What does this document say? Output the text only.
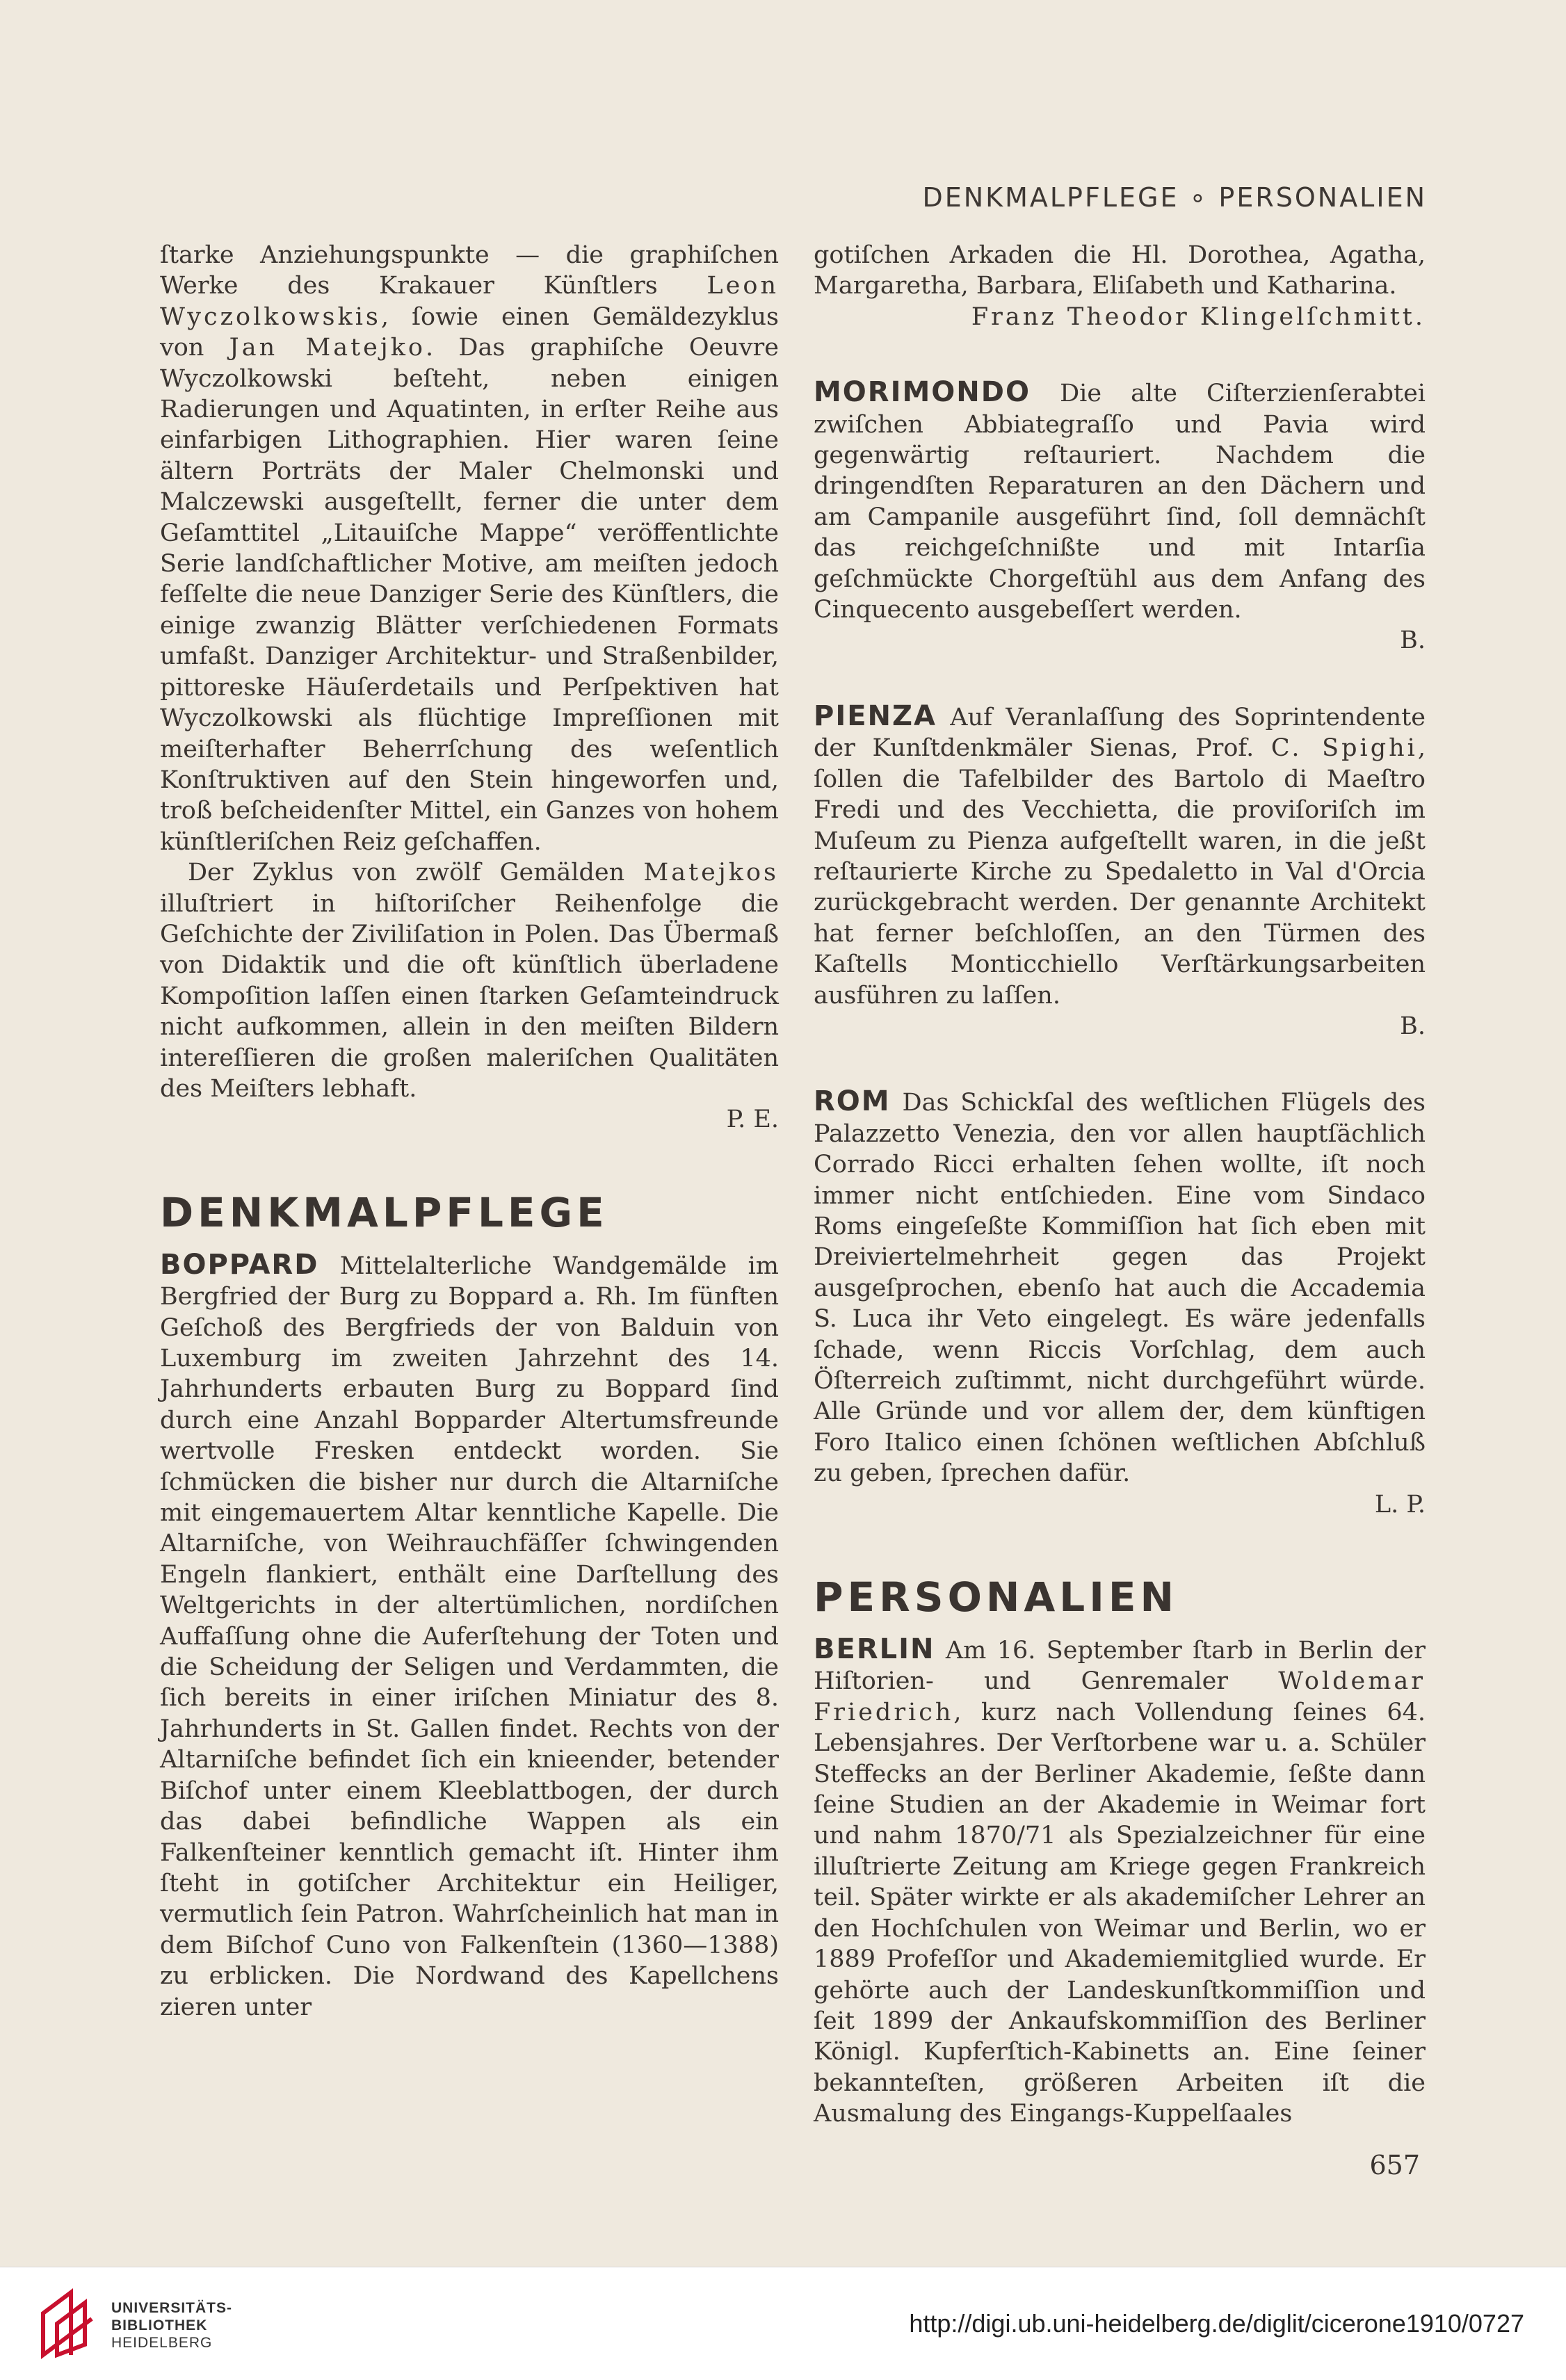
DENKMALPFLEGE ∘ PERSONALIEN

ſtarke Anziehungspunkte — die graphiſchen Werke des Krakauer Künſtlers Leon Wyczolkowskis, ſowie einen Gemäldezyklus von Jan Matejko. Das graphiſche Oeuvre Wyczolkowski beſteht, neben einigen Radierungen und Aquatinten, in erſter Reihe aus einfarbigen Lithographien. Hier waren ſeine ältern Porträts der Maler Chelmonski und Malczewski ausgeſtellt, ferner die unter dem Geſamttitel „Litauiſche Mappe“ veröffentlichte Serie landſchaftlicher Motive, am meiſten jedoch feſſelte die neue Danziger Serie des Künſtlers, die einige zwanzig Blätter verſchiedenen Formats umfaßt. Danziger Architektur- und Straßenbilder, pittoreske Häuſerdetails und Perſpektiven hat Wyczolkowski als flüchtige Impreſſionen mit meiſterhafter Beherrſchung des weſentlich Konſtruktiven auf den Stein hingeworfen und, troß beſcheidenſter Mittel, ein Ganzes von hohem künſtleriſchen Reiz geſchaffen.

Der Zyklus von zwölf Gemälden Matejkos illuſtriert in hiſtoriſcher Reihenfolge die Geſchichte der Ziviliſation in Polen. Das Übermaß von Didaktik und die oft künſtlich überladene Kompoſition laſſen einen ſtarken Geſamteindruck nicht aufkommen, allein in den meiſten Bildern intereſſieren die großen maleriſchen Qualitäten des Meiſters lebhaft.

P. E.

DENKMALPFLEGE

BOPPARD Mittelalterliche Wandgemälde im Bergfried der Burg zu Boppard a. Rh. Im fünften Geſchoß des Bergfrieds der von Balduin von Luxemburg im zweiten Jahrzehnt des 14. Jahrhunderts erbauten Burg zu Boppard ſind durch eine Anzahl Bopparder Altertumsfreunde wertvolle Fresken entdeckt worden. Sie ſchmücken die bisher nur durch die Altarniſche mit eingemauertem Altar kenntliche Kapelle. Die Altarniſche, von Weihrauchfäſſer ſchwingenden Engeln flankiert, enthält eine Darſtellung des Weltgerichts in der altertümlichen, nordiſchen Auffaſſung ohne die Auferſtehung der Toten und die Scheidung der Seligen und Verdammten, die ſich bereits in einer iriſchen Miniatur des 8. Jahrhunderts in St. Gallen findet. Rechts von der Altarniſche befindet ſich ein knieender, betender Biſchof unter einem Kleeblattbogen, der durch das dabei befindliche Wappen als ein Falkenſteiner kenntlich gemacht iſt. Hinter ihm ſteht in gotiſcher Architektur ein Heiliger, vermutlich ſein Patron. Wahrſcheinlich hat man in dem Biſchof Cuno von Falkenſtein (1360—1388) zu erblicken. Die Nordwand des Kapellchens zieren unter

gotiſchen Arkaden die Hl. Dorothea, Agatha, Margaretha, Barbara, Eliſabeth und Katharina.

Franz Theodor Klingelſchmitt.

MORIMONDO Die alte Ciſterzienſerabtei zwiſchen Abbiategraſſo und Pavia wird gegenwärtig reſtauriert. Nachdem die dringendſten Reparaturen an den Dächern und am Campanile ausgeführt ſind, ſoll demnächſt das reichgeſchnißte und mit Intarſia geſchmückte Chorgeſtühl aus dem Anfang des Cinquecento ausgebeſſert werden.

B.

PIENZA Auf Veranlaſſung des Soprintendente der Kunſtdenkmäler Sienas, Prof. C. Spighi, ſollen die Tafelbilder des Bartolo di Maeſtro Fredi und des Vecchietta, die proviſoriſch im Muſeum zu Pienza aufgeſtellt waren, in die jeßt reſtaurierte Kirche zu Spedaletto in Val d'Orcia zurückgebracht werden. Der genannte Architekt hat ferner beſchloſſen, an den Türmen des Kaſtells Monticchiello Verſtärkungsarbeiten ausführen zu laſſen.

B.

ROM Das Schickſal des weſtlichen Flügels des Palazzetto Venezia, den vor allen hauptſächlich Corrado Ricci erhalten ſehen wollte, iſt noch immer nicht entſchieden. Eine vom Sindaco Roms eingeſeßte Kommiſſion hat ſich eben mit Dreiviertelmehrheit gegen das Projekt ausgeſprochen, ebenſo hat auch die Accademia S. Luca ihr Veto eingelegt. Es wäre jedenfalls ſchade, wenn Riccis Vorſchlag, dem auch Öſterreich zuſtimmt, nicht durchgeführt würde. Alle Gründe und vor allem der, dem künftigen Foro Italico einen ſchönen weſtlichen Abſchluß zu geben, ſprechen dafür.

L. P.

PERSONALIEN

BERLIN Am 16. September ſtarb in Berlin der Hiſtorien- und Genremaler Woldemar Friedrich, kurz nach Vollendung ſeines 64. Lebensjahres. Der Verſtorbene war u. a. Schüler Steffecks an der Berliner Akademie, ſeßte dann ſeine Studien an der Akademie in Weimar fort und nahm 1870/71 als Spezialzeichner für eine illuſtrierte Zeitung am Kriege gegen Frankreich teil. Später wirkte er als akademiſcher Lehrer an den Hochſchulen von Weimar und Berlin, wo er 1889 Profeſſor und Akademiemitglied wurde. Er gehörte auch der Landeskunſtkommiſſion und ſeit 1899 der Ankaufskommiſſion des Berliner Königl. Kupferſtich-Kabinetts an. Eine ſeiner bekannteſten, größeren Arbeiten iſt die Ausmalung des Eingangs-Kuppelſaales

657
UNIVERSITÄTS-
BIBLIOTHEK
HEIDELBERG
http://digi.ub.uni-heidelberg.de/diglit/cicerone1910/0727
